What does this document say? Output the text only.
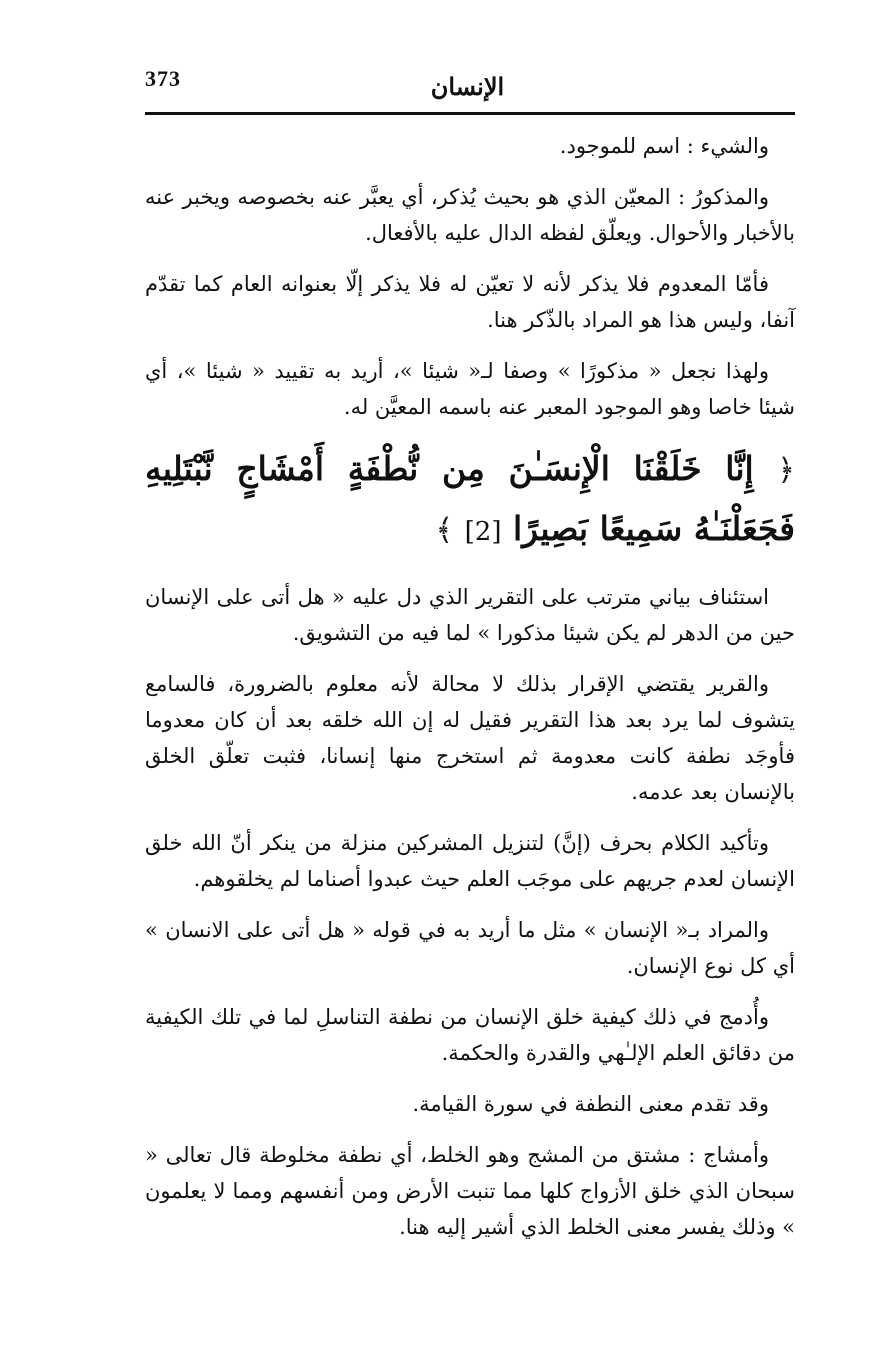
373	الإنسان

والشيء : اسم للموجود.

والمذكورُ : المعيّن الذي هو بحيث يُذكر، أي يعبَّر عنه بخصوصه ويخبر عنه بالأخبار والأحوال. ويعلّق لفظه الدال عليه بالأفعال.

فأمّا المعدوم فلا يذكر لأنه لا تعيّن له فلا يذكر إلّا بعنوانه العام كما تقدّم آنفا، وليس هذا هو المراد بالذّكر هنا.

ولهذا نجعل « مذكورًا » وصفا لـ« شيئا »، أريد به تقييد « شيئا »، أي شيئا خاصا وهو الموجود المعبر عنه باسمه المعيَّن له.

﴿ إِنَّا خَلَقْنَا الْإِنسَـٰنَ مِن نُّطْفَةٍ أَمْشَاجٍ نَّبْتَلِيهِ فَجَعَلْنَـٰهُ سَمِيعًا بَصِيرًا [2] ﴾

استئناف بياني مترتب على التقرير الذي دل عليه « هل أتى على الإنسان حين من الدهر لم يكن شيئا مذكورا » لما فيه من التشويق.

والقرير يقتضي الإقرار بذلك لا محالة لأنه معلوم بالضرورة، فالسامع يتشوف لما يرد بعد هذا التقرير فقيل له إن الله خلقه بعد أن كان معدوما فأوجَد نطفة كانت معدومة ثم استخرج منها إنسانا، فثبت تعلّق الخلق بالإنسان بعد عدمه.

وتأكيد الكلام بحرف (إنَّ) لتنزيل المشركين منزلة من ينكر أنّ الله خلق الإنسان لعدم جريهم على موجَب العلم حيث عبدوا أصناما لم يخلقوهم.

والمراد بـ« الإنسان » مثل ما أريد به في قوله « هل أتى على الانسان » أي كل نوع الإنسان.

وأُدمج في ذلك كيفية خلق الإنسان من نطفة التناسلِ لما في تلك الكيفية من دقائق العلم الإلـٰهي والقدرة والحكمة.

وقد تقدم معنى النطفة في سورة القيامة.

وأمشاج : مشتق من المشج وهو الخلط، أي نطفة مخلوطة قال تعالى « سبحان الذي خلق الأزواج كلها مما تنبت الأرض ومن أنفسهم ومما لا يعلمون » وذلك يفسر معنى الخلط الذي أشير إليه هنا.
